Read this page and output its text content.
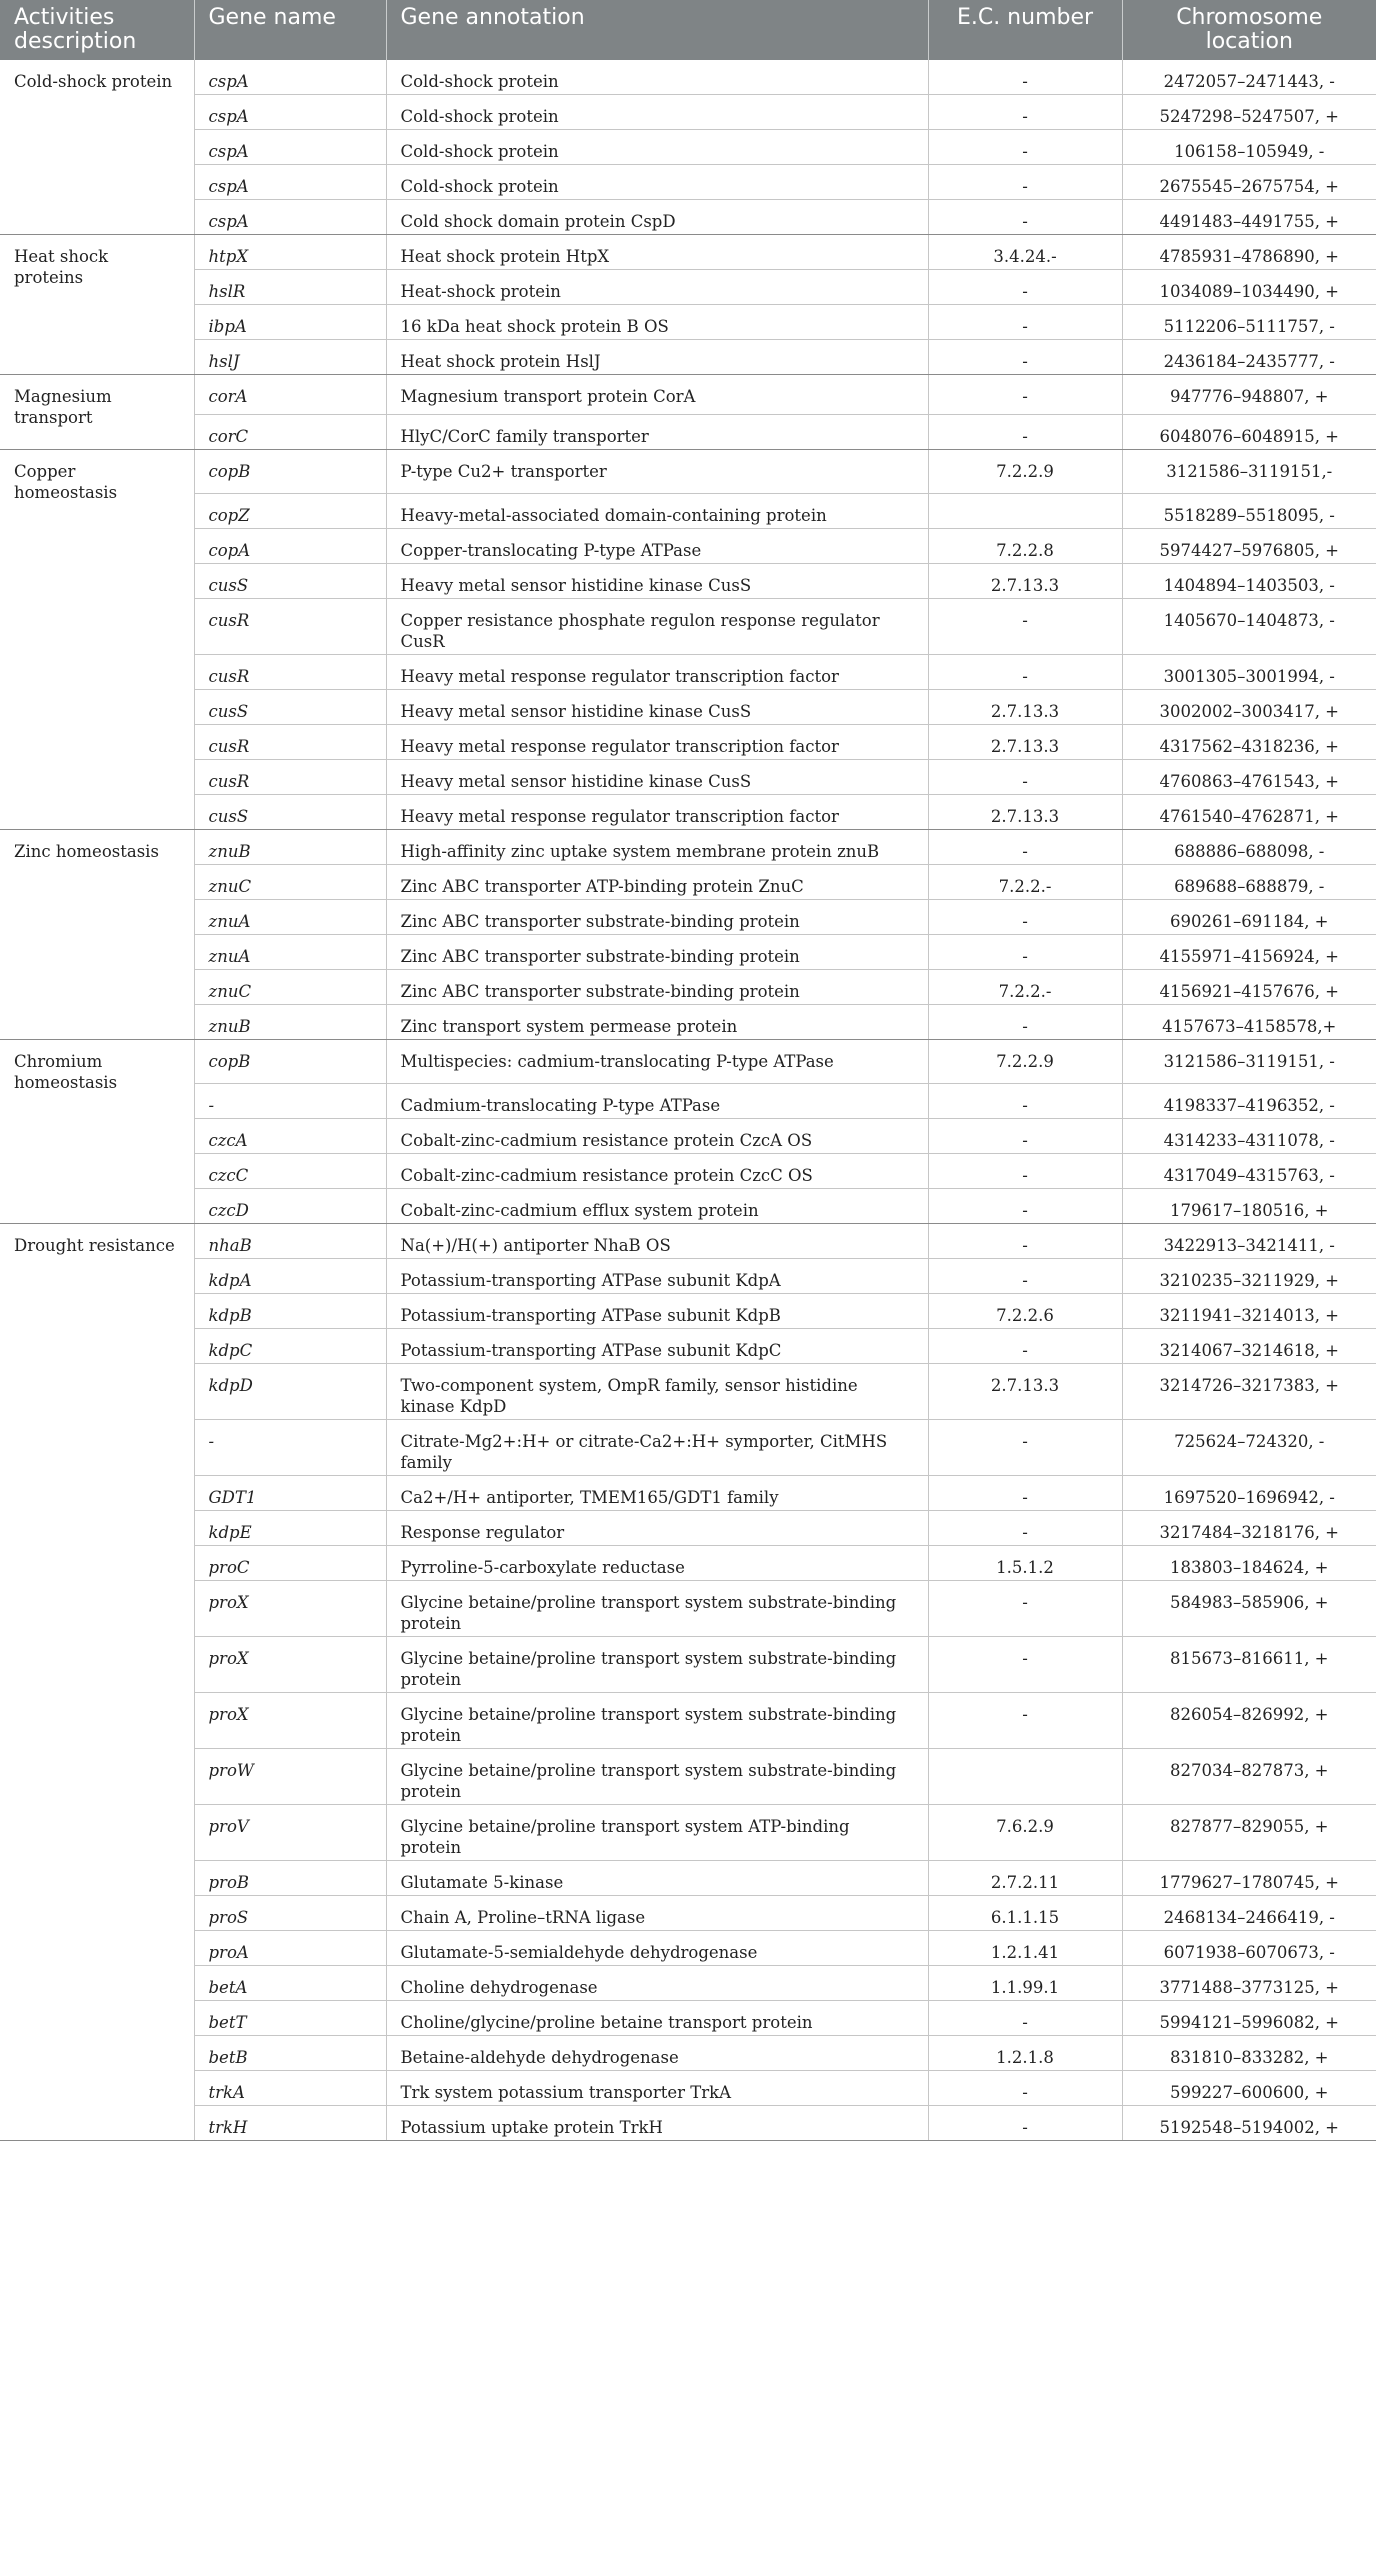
Activities description	Gene name	Gene annotation	E.C. number	Chromosome location
Cold-shock protein	cspA	Cold-shock protein	-	2472057–2471443, -
	cspA	Cold-shock protein	-	5247298–5247507, +
	cspA	Cold-shock protein	-	106158–105949, -
	cspA	Cold-shock protein	-	2675545–2675754, +
	cspA	Cold shock domain protein CspD	-	4491483–4491755, +
Heat shock proteins	htpX	Heat shock protein HtpX	3.4.24.-	4785931–4786890, +
	hslR	Heat-shock protein	-	1034089–1034490, +
	ibpA	16 kDa heat shock protein B OS	-	5112206–5111757, -
	hslJ	Heat shock protein HslJ	-	2436184–2435777, -
Magnesium transport	corA	Magnesium transport protein CorA	-	947776–948807, +
	corC	HlyC/CorC family transporter	-	6048076–6048915, +
Copper homeostasis	copB	P-type Cu2+ transporter	7.2.2.9	3121586–3119151,-
	copZ	Heavy-metal-associated domain-containing protein		5518289–5518095, -
	copA	Copper-translocating P-type ATPase	7.2.2.8	5974427–5976805, +
	cusS	Heavy metal sensor histidine kinase CusS	2.7.13.3	1404894–1403503, -
	cusR	Copper resistance phosphate regulon response regulator CusR	-	1405670–1404873, -
	cusR	Heavy metal response regulator transcription factor	-	3001305–3001994, -
	cusS	Heavy metal sensor histidine kinase CusS	2.7.13.3	3002002–3003417, +
	cusR	Heavy metal response regulator transcription factor	2.7.13.3	4317562–4318236, +
	cusR	Heavy metal sensor histidine kinase CusS	-	4760863–4761543, +
	cusS	Heavy metal response regulator transcription factor	2.7.13.3	4761540–4762871, +
Zinc homeostasis	znuB	High-affinity zinc uptake system membrane protein znuB	-	688886–688098, -
	znuC	Zinc ABC transporter ATP-binding protein ZnuC	7.2.2.-	689688–688879, -
	znuA	Zinc ABC transporter substrate-binding protein	-	690261–691184, +
	znuA	Zinc ABC transporter substrate-binding protein	-	4155971–4156924, +
	znuC	Zinc ABC transporter substrate-binding protein	7.2.2.-	4156921–4157676, +
	znuB	Zinc transport system permease protein	-	4157673–4158578,+
Chromium homeostasis	copB	Multispecies: cadmium-translocating P-type ATPase	7.2.2.9	3121586–3119151, -
	-	Cadmium-translocating P-type ATPase	-	4198337–4196352, -
	czcA	Cobalt-zinc-cadmium resistance protein CzcA OS	-	4314233–4311078, -
	czcC	Cobalt-zinc-cadmium resistance protein CzcC OS	-	4317049–4315763, -
	czcD	Cobalt-zinc-cadmium efflux system protein	-	179617–180516, +
Drought resistance	nhaB	Na(+)/H(+) antiporter NhaB OS	-	3422913–3421411, -
	kdpA	Potassium-transporting ATPase subunit KdpA	-	3210235–3211929, +
	kdpB	Potassium-transporting ATPase subunit KdpB	7.2.2.6	3211941–3214013, +
	kdpC	Potassium-transporting ATPase subunit KdpC	-	3214067–3214618, +
	kdpD	Two-component system, OmpR family, sensor histidine kinase KdpD	2.7.13.3	3214726–3217383, +
	-	Citrate-Mg2+:H+ or citrate-Ca2+:H+ symporter, CitMHS family	-	725624–724320, -
	GDT1	Ca2+/H+ antiporter, TMEM165/GDT1 family	-	1697520–1696942, -
	kdpE	Response regulator	-	3217484–3218176, +
	proC	Pyrroline-5-carboxylate reductase	1.5.1.2	183803–184624, +
	proX	Glycine betaine/proline transport system substrate-binding protein	-	584983–585906, +
	proX	Glycine betaine/proline transport system substrate-binding protein	-	815673–816611, +
	proX	Glycine betaine/proline transport system substrate-binding protein	-	826054–826992, +
	proW	Glycine betaine/proline transport system substrate-binding protein		827034–827873, +
	proV	Glycine betaine/proline transport system ATP-binding protein	7.6.2.9	827877–829055, +
	proB	Glutamate 5-kinase	2.7.2.11	1779627–1780745, +
	proS	Chain A, Proline–tRNA ligase	6.1.1.15	2468134–2466419, -
	proA	Glutamate-5-semialdehyde dehydrogenase	1.2.1.41	6071938–6070673, -
	betA	Choline dehydrogenase	1.1.99.1	3771488–3773125, +
	betT	Choline/glycine/proline betaine transport protein	-	5994121–5996082, +
	betB	Betaine-aldehyde dehydrogenase	1.2.1.8	831810–833282, +
	trkA	Trk system potassium transporter TrkA	-	599227–600600, +
	trkH	Potassium uptake protein TrkH	-	5192548–5194002, +
